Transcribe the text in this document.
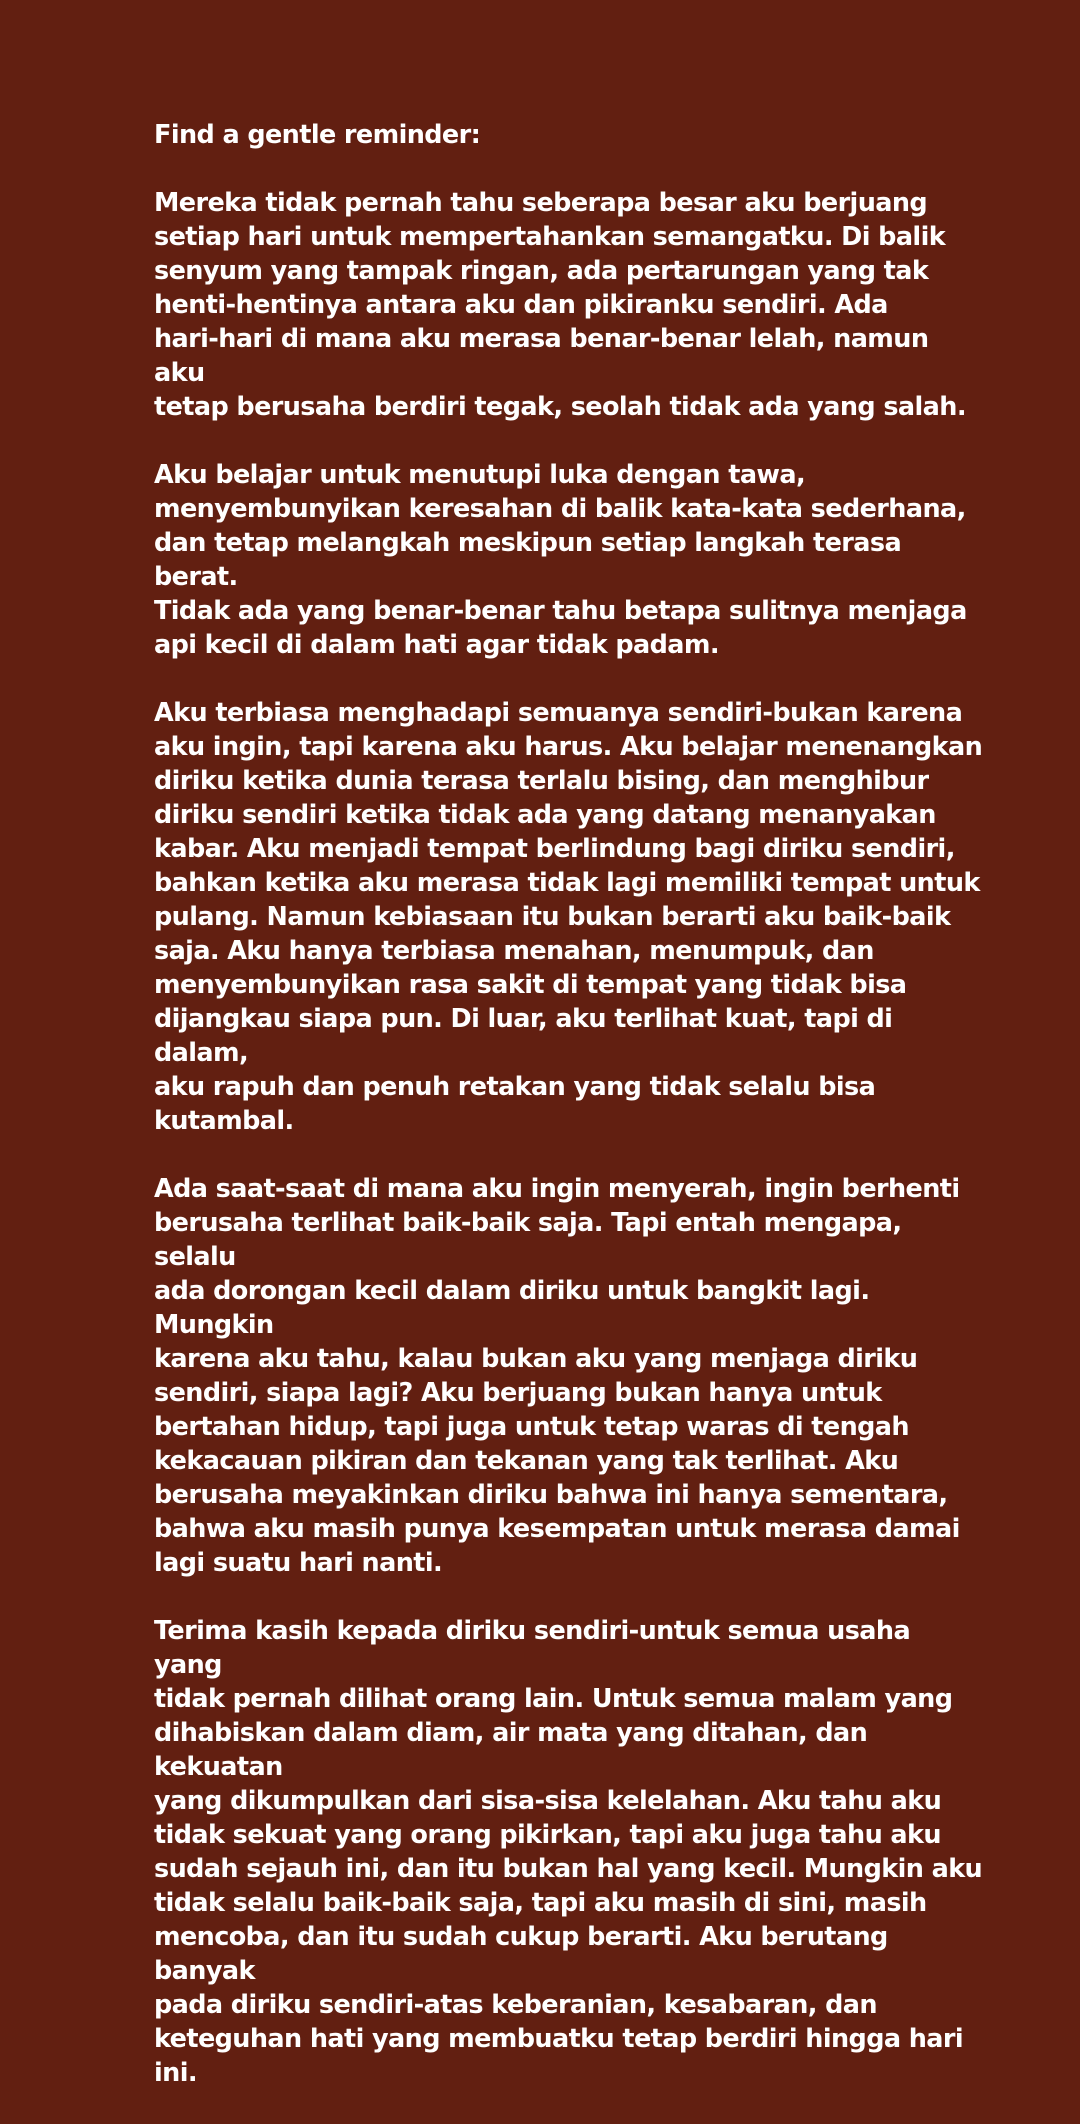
Find a gentle reminder:

Mereka tidak pernah tahu seberapa besar aku berjuang
setiap hari untuk mempertahankan semangatku. Di balik
senyum yang tampak ringan, ada pertarungan yang tak
henti-hentinya antara aku dan pikiranku sendiri. Ada
hari-hari di mana aku merasa benar-benar lelah, namun aku
tetap berusaha berdiri tegak, seolah tidak ada yang salah.

Aku belajar untuk menutupi luka dengan tawa,
menyembunyikan keresahan di balik kata-kata sederhana,
dan tetap melangkah meskipun setiap langkah terasa berat.
Tidak ada yang benar-benar tahu betapa sulitnya menjaga
api kecil di dalam hati agar tidak padam.

Aku terbiasa menghadapi semuanya sendiri-bukan karena
aku ingin, tapi karena aku harus. Aku belajar menenangkan
diriku ketika dunia terasa terlalu bising, dan menghibur
diriku sendiri ketika tidak ada yang datang menanyakan
kabar. Aku menjadi tempat berlindung bagi diriku sendiri,
bahkan ketika aku merasa tidak lagi memiliki tempat untuk
pulang. Namun kebiasaan itu bukan berarti aku baik-baik
saja. Aku hanya terbiasa menahan, menumpuk, dan
menyembunyikan rasa sakit di tempat yang tidak bisa
dijangkau siapa pun. Di luar, aku terlihat kuat, tapi di dalam,
aku rapuh dan penuh retakan yang tidak selalu bisa
kutambal.

Ada saat-saat di mana aku ingin menyerah, ingin berhenti
berusaha terlihat baik-baik saja. Tapi entah mengapa, selalu
ada dorongan kecil dalam diriku untuk bangkit lagi. Mungkin
karena aku tahu, kalau bukan aku yang menjaga diriku
sendiri, siapa lagi? Aku berjuang bukan hanya untuk
bertahan hidup, tapi juga untuk tetap waras di tengah
kekacauan pikiran dan tekanan yang tak terlihat. Aku
berusaha meyakinkan diriku bahwa ini hanya sementara,
bahwa aku masih punya kesempatan untuk merasa damai
lagi suatu hari nanti.

Terima kasih kepada diriku sendiri-untuk semua usaha yang
tidak pernah dilihat orang lain. Untuk semua malam yang
dihabiskan dalam diam, air mata yang ditahan, dan kekuatan
yang dikumpulkan dari sisa-sisa kelelahan. Aku tahu aku
tidak sekuat yang orang pikirkan, tapi aku juga tahu aku
sudah sejauh ini, dan itu bukan hal yang kecil. Mungkin aku
tidak selalu baik-baik saja, tapi aku masih di sini, masih
mencoba, dan itu sudah cukup berarti. Aku berutang banyak
pada diriku sendiri-atas keberanian, kesabaran, dan
keteguhan hati yang membuatku tetap berdiri hingga hari
ini.
